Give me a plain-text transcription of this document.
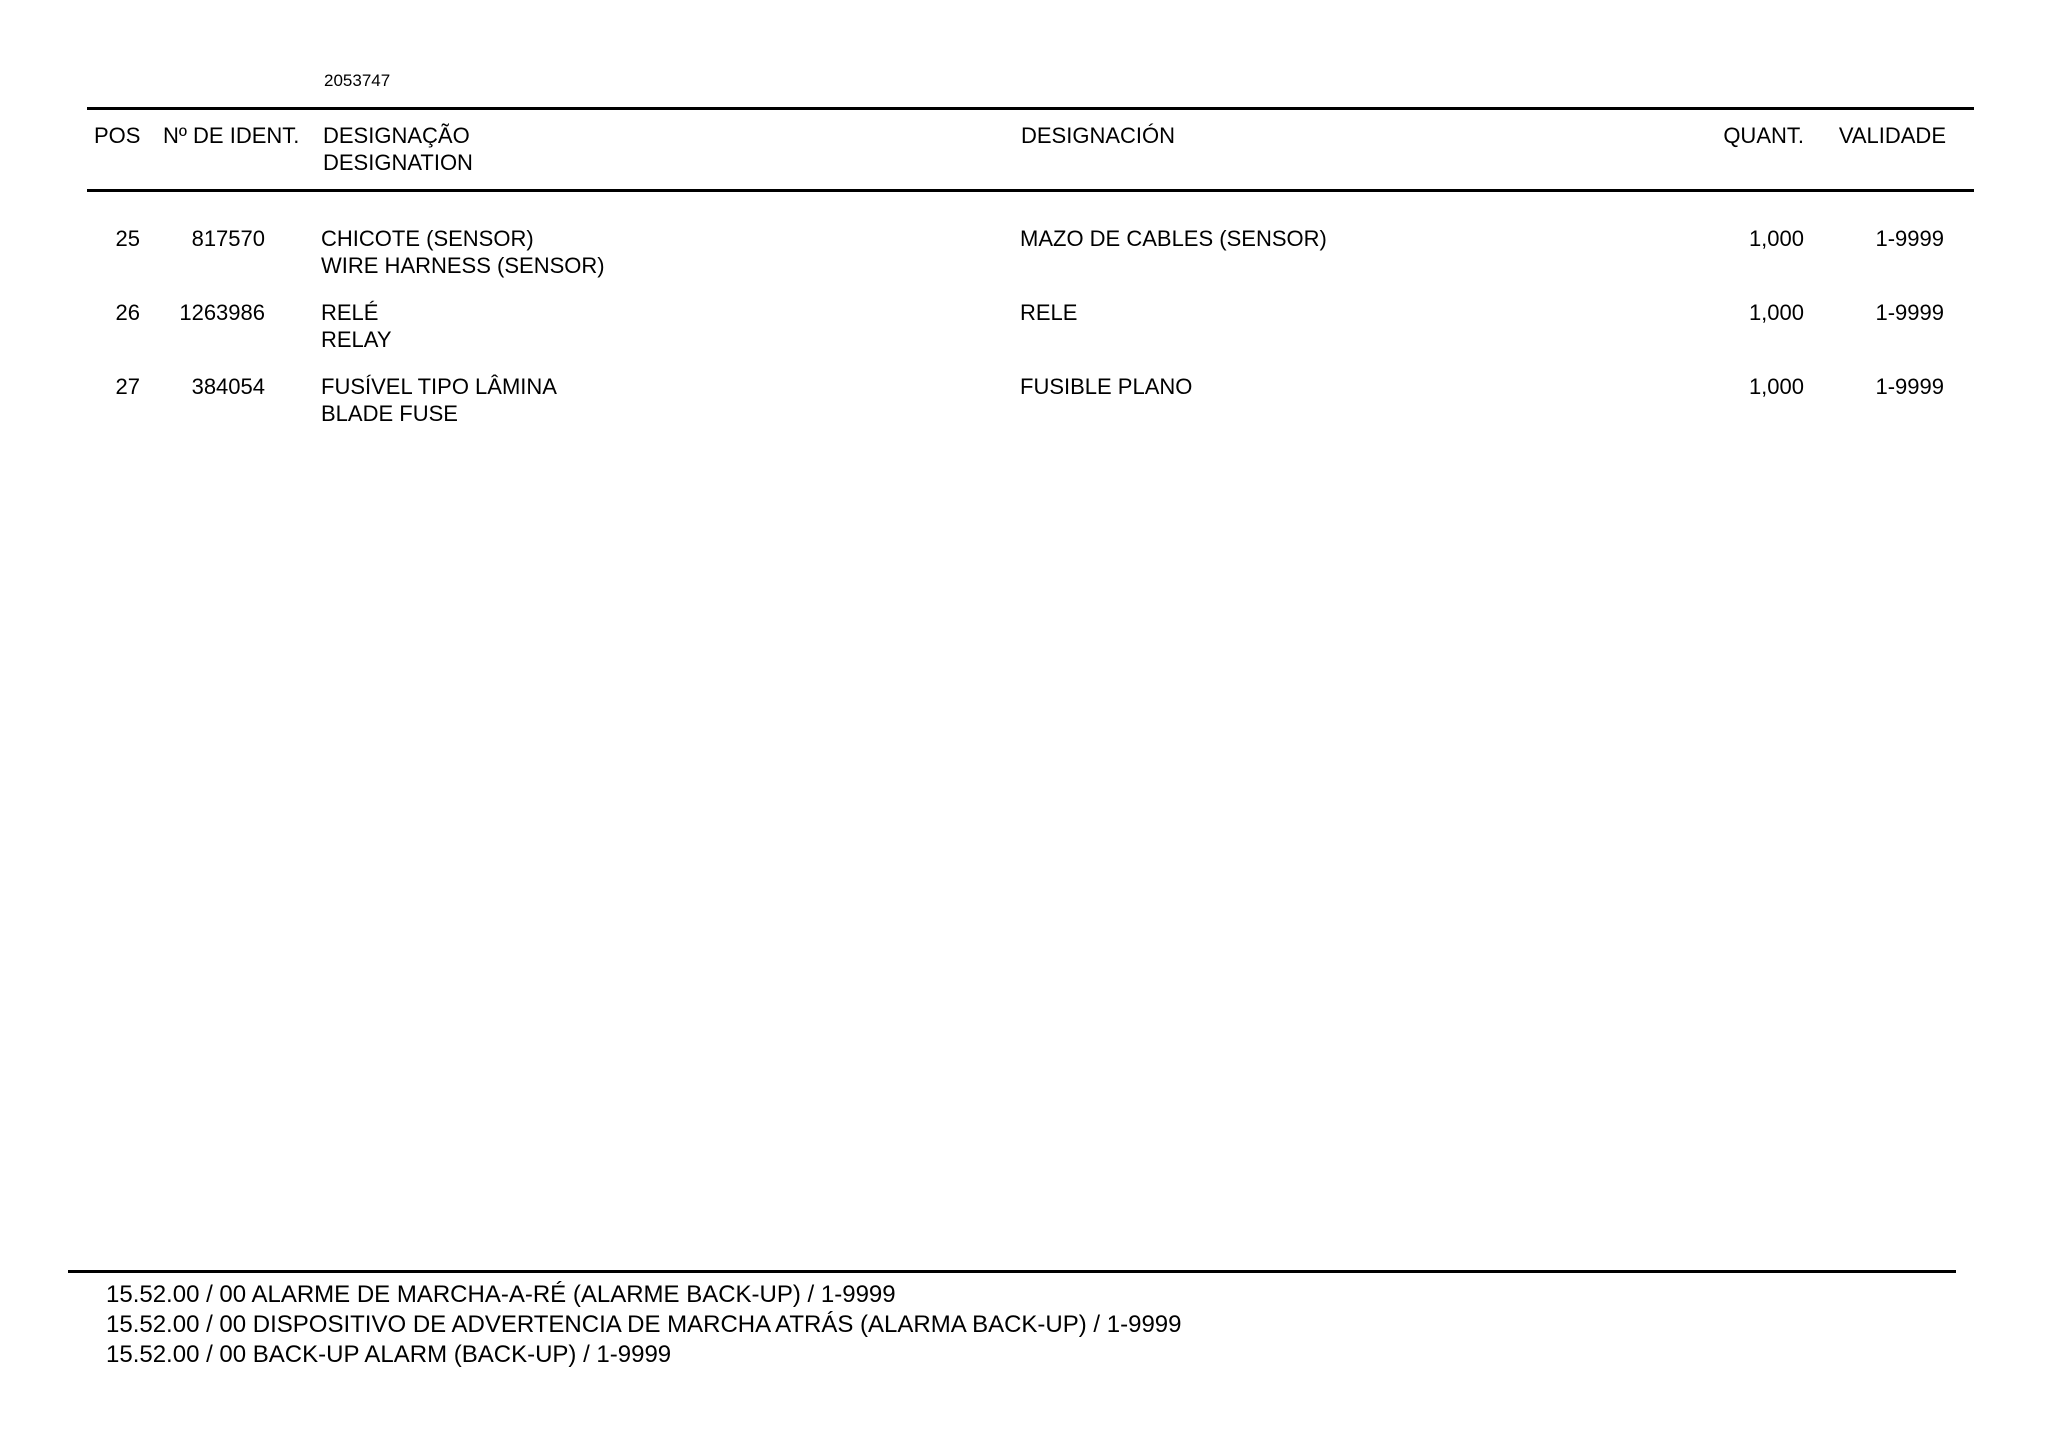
2053747
POS Nº DE IDENT. DESIGNAÇÃO
DESIGNATION
DESIGNACIÓN	QUANT. VALIDADE
25 817570	CHICOTE (SENSOR)
WIRE HARNESS (SENSOR)
MAZO DE CABLES (SENSOR)	1,000	1-9999
26 1263986	RELÉ
RELAY
RELE	1,000	1-9999
27 384054	FUSÍVEL TIPO LÂMINA
BLADE FUSE
FUSIBLE PLANO	1,000	1-9999
15.52.00 / 00 ALARME DE MARCHA-A-RÉ (ALARME BACK-UP) / 1-9999
15.52.00 / 00 DISPOSITIVO DE ADVERTENCIA DE MARCHA ATRÁS (ALARMA BACK-UP) / 1-9999
15.52.00 / 00 BACK-UP ALARM (BACK-UP) / 1-9999
